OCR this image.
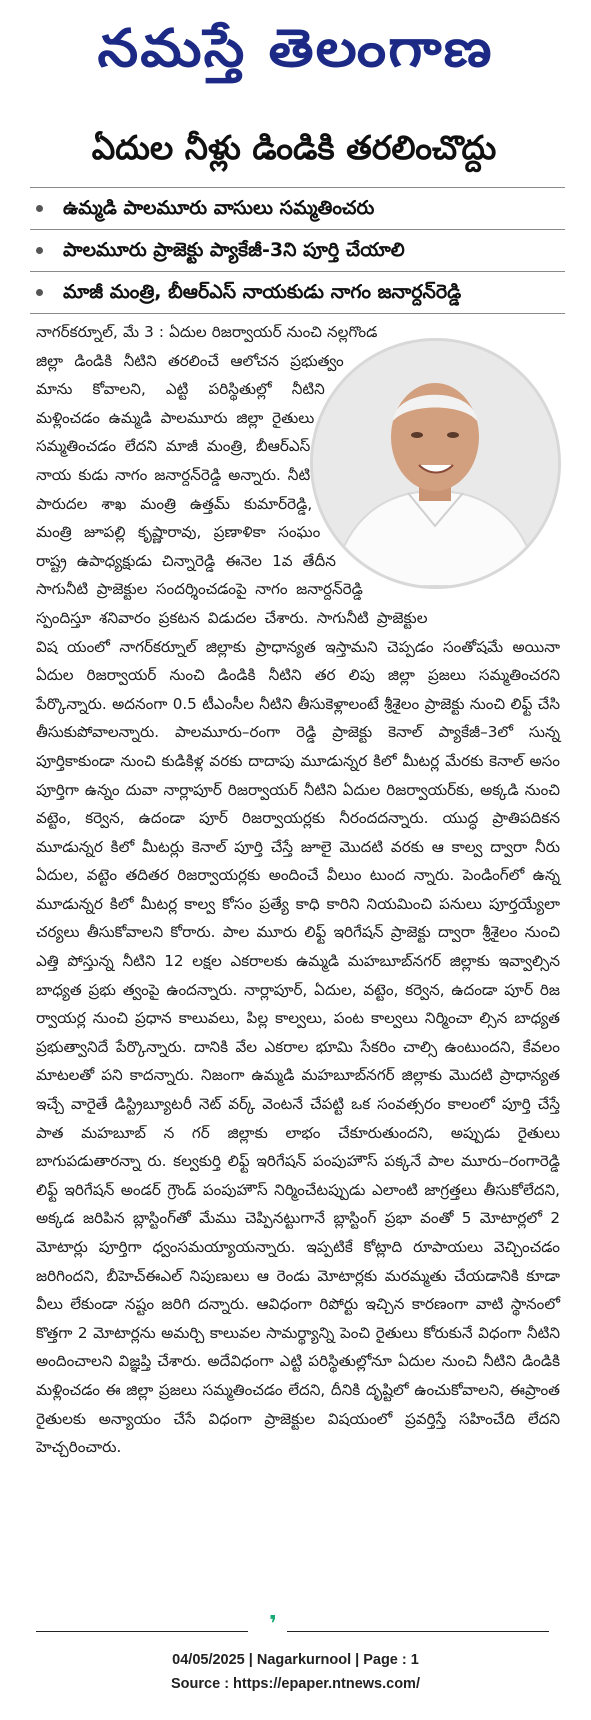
నమస్తే తెలంగాణ
ఏదుల నీళ్లు డిండికి తరలించొద్దు
ఉమ్మడి పాలమూరు వాసులు సమ్మతించరు
పాలమూరు ప్రాజెక్టు ప్యాకేజీ-3ని పూర్తి చేయాలి
మాజీ మంత్రి, బీఆర్ఎస్ నాయకుడు నాగం జనార్దన్‌రెడ్డి
నాగర్‌కర్నూల్, మే 3 : ఏదుల రిజర్వాయర్ నుంచి నల్లగొండ జిల్లా డిండికి నీటిని తరలించే ఆలోచన ప్రభుత్వం మాను కోవాలని, ఎట్టి పరిస్థితుల్లో నీటిని మళ్లించడం ఉమ్మడి పాలమూరు జిల్లా రైతులు సమ్మతించడం లేదని మాజీ మంత్రి, బీఆర్ఎస్ నాయ కుడు నాగం జనార్దన్‌రెడ్డి అన్నారు. నీటి పారుదల శాఖ మంత్రి ఉత్తమ్‌ కుమార్‌రెడ్డి, మంత్రి జూపల్లి కృష్ణారావు, ప్రణాళికా సంఘం రాష్ట్ర ఉపాధ్యక్షుడు చిన్నారెడ్డి ఈనెల 1వ తేదీన సాగునీటి ప్రాజెక్టుల సందర్శించడంపై నాగం జనార్దన్‌రెడ్డి స్పందిస్తూ శనివారం ప్రకటన విడుదల చేశారు. సాగునీటి ప్రాజెక్టుల విష యంలో నాగర్‌కర్నూల్ జిల్లాకు ప్రాధాన్యత ఇస్తామని చెప్పడం సంతోషమే అయినా ఏదుల రిజర్వాయర్ నుంచి డిండికి నీటిని తర లిపు జిల్లా ప్రజలు సమ్మతించరని పేర్కొన్నారు. అదనంగా 0.5 టీఎంసీల నీటిని తీసుకెళ్లాలంటే శ్రీశైలం ప్రాజెక్టు నుంచి లిఫ్ట్ చేసి తీసుకుపోవాలన్నారు. పాలమూరు–రంగా రెడ్డి ప్రాజెక్టు కెనాల్ ప్యాకేజీ–3లో సున్న పూర్తికాకుండా నుంచి కుడికిళ్ల వరకు దాదాపు మూడున్నర కిలో మీటర్ల మేరకు కెనాల్ అసం పూర్తిగా ఉన్నం దువా నార్లాపూర్ రిజర్వాయర్ నీటిని ఏదుల రిజర్వాయర్‌కు, అక్కడి నుంచి వట్టెం, కర్వెన, ఉదండా పూర్ రిజర్వాయర్లకు నీరందదన్నారు. యుద్ధ ప్రాతిపదికన మూడున్నర కిలో మీటర్లు కెనాల్ పూర్తి చేస్తే జూలై మొదటి వరకు ఆ కాల్వ ద్వారా నీరు ఏదుల, వట్టెం తదితర రిజర్వాయర్లకు అందించే వీలుం టుంద న్నారు. పెండింగ్‌లో ఉన్న మూడున్నర కిలో మీటర్ల కాల్వ కోసం ప్రత్యే కాధి కారిని నియమించి పనులు పూర్తయ్యేలా చర్యలు తీసుకోవాలని కోరారు. పాల మూరు లిఫ్ట్ ఇరిగేషన్ ప్రాజెక్టు ద్వారా శ్రీశైలం నుంచి ఎత్తి పోస్తున్న నీటిని 12 లక్షల ఎకరాలకు ఉమ్మడి మహబూబ్‌నగర్ జిల్లాకు ఇవ్వాల్సిన బాధ్యత ప్రభు త్వంపై ఉందన్నారు. నార్లాపూర్, ఏదుల, వట్టెం, కర్వెన, ఉదండా పూర్ రిజ ర్వాయర్ల నుంచి ప్రధాన కాలువలు, పిల్ల కాల్వలు, పంట కాల్వలు నిర్మించా ల్సిన బాధ్యత ప్రభుత్వానిదే పేర్కొన్నారు. దానికి వేల ఎకరాల భూమి సేకరిం చాల్సి ఉంటుందని, కేవలం మాటలతో పని కాదన్నారు. నిజంగా ఉమ్మడి మహబూబ్‌నగర్ జిల్లాకు మొదటి ప్రాధాన్యత ఇచ్చే వారైతే డిస్ట్రిబ్యూటరీ నెట్ వర్క్ వెంటనే చేపట్టి ఒక సంవత్సరం కాలంలో పూర్తి చేస్తే పాత మహబూబ్ న గర్ జిల్లాకు లాభం చేకూరుతుందని, అప్పుడు రైతులు బాగుపడుతారన్నా రు. కల్వకుర్తి లిఫ్ట్ ఇరిగేషన్ పంపుహౌస్ పక్కనే పాల మూరు–రంగారెడ్డి లిఫ్ట్ ఇరిగేషన్ అండర్ గ్రౌండ్ పంపుహౌస్ నిర్మించేటప్పుడు ఎలాంటి జాగ్రత్తలు తీసుకోలేదని, అక్కడ జరిపిన బ్లాస్టింగ్‌తో మేము చెప్పినట్టుగానే బ్లాస్టింగ్ ప్రభా వంతో 5 మోటార్లలో 2 మోటార్లు పూర్తిగా ధ్వంసమయ్యాయన్నారు. ఇప్పటికే కోట్లాది రూపాయలు వెచ్చించడం జరిగిందని, బీహెచ్ఈఎల్ నిపుణులు ఆ రెండు మోటార్లకు మరమ్మతు చేయడానికి కూడా వీలు లేకుండా నష్టం జరిగి దన్నారు. ఆవిధంగా రిపోర్టు ఇచ్చిన కారణంగా వాటి స్థానంలో కొత్తగా 2 మోటార్లను అమర్చి కాలువల సామర్థ్యాన్ని పెంచి రైతులు కోరుకునే విధంగా నీటిని అందించాలని విజ్ఞప్తి చేశారు. అదేవిధంగా ఎట్టి పరిస్థితుల్లోనూ ఏదుల నుంచి నీటిని డిండికి మళ్లించడం ఈ జిల్లా ప్రజలు సమ్మతించడం లేదని, దీనికి దృష్టిలో ఉంచుకోవాలని, ఈప్రాంత రైతులకు అన్యాయం చేసే విధంగా ప్రాజెక్టుల విషయంలో ప్రవర్తిస్తే సహించేది లేదని హెచ్చరించారు.
❜
04/05/2025 | Nagarkurnool | Page : 1
Source : https://epaper.ntnews.com/
